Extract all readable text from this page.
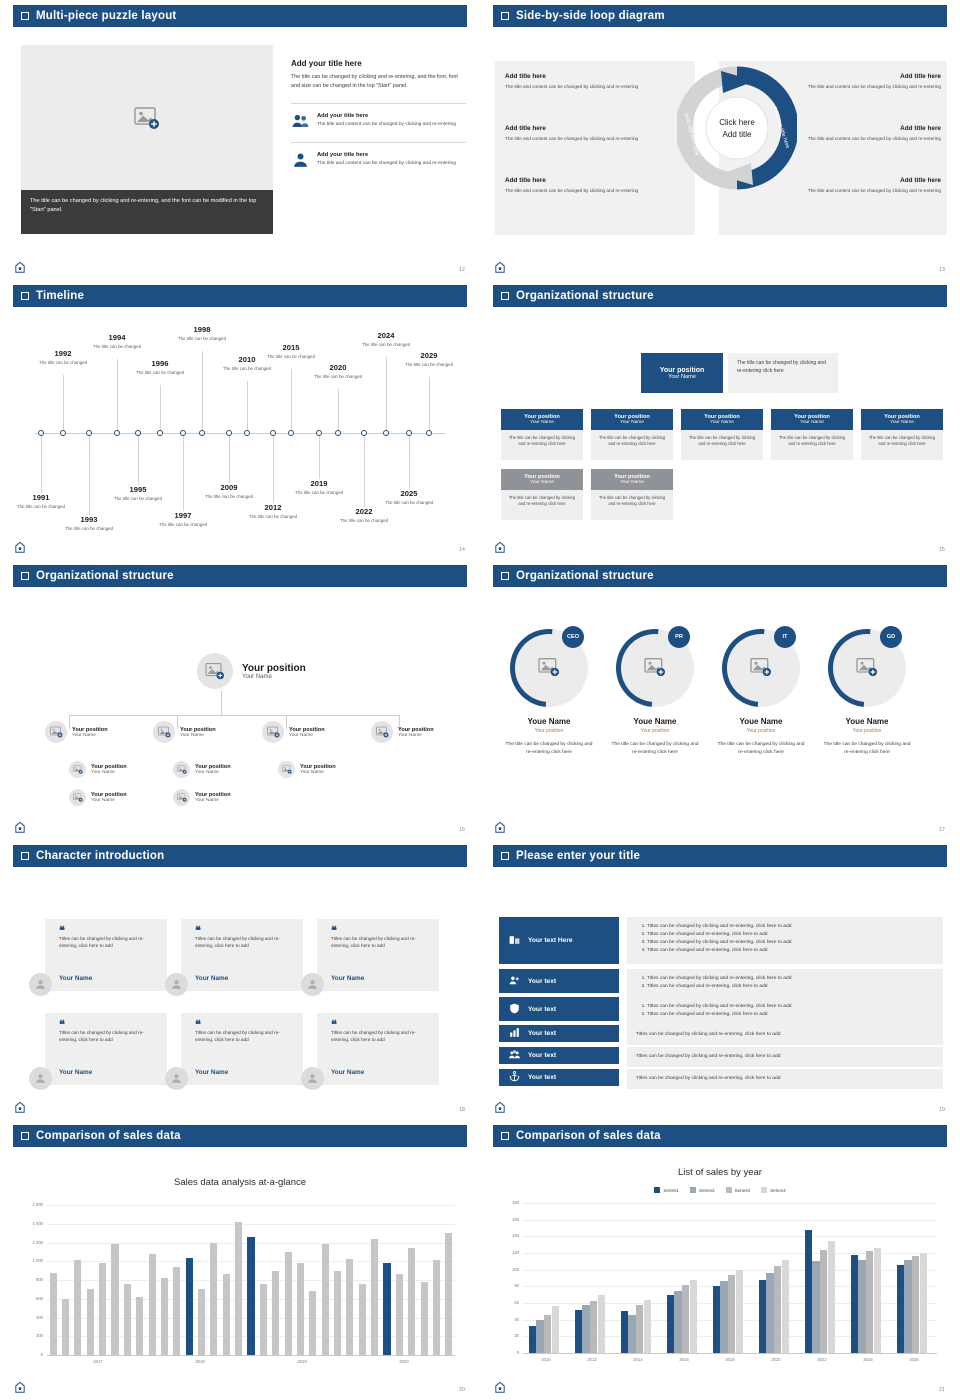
Multi-piece puzzle layout
The title can be changed by clicking and re-entering, and the font can be modified in the top "Start" panel.
Add your title here
The title can be changed by clicking and re-entering, and the font, font and size can be changed in the top "Start" panel.
Add your title here
The title and content can be changed by clicking and re-entering
Add your title here
The title and content can be changed by clicking and re-entering
12
Side-by-side loop diagram
Add title here
The title and content can be changed by clicking and re-entering
Add title here
The title and content can be changed by clicking and re-entering
Add title here
The title and content can be changed by clicking and re-entering
Add title here
The title and content can be changed by clicking and re-entering
Add title here
The title and content can be changed by clicking and re-entering
Add title here
The title and content can be changed by clicking and re-entering
Click here
Add title	Add your title here
Add your title here
13
Timeline
1992
The title can be changed
1994
The title can be changed
1996
The title can be changed
1998
The title can be changed
2010
The title can be changed
2015
The title can be changed
2020
The title can be changed
2024
The title can be changed
2029
The title can be changed
1991
The title can be changed
1993
The title can be changed
1995
The title can be changed
1997
The title can be changed
2009
The title can be changed
2012
The title can be changed
2019
The title can be changed
2022
The title can be changed
2025
The title can be changed
14
Organizational structure
Your position
Your Name
The title can be changed by clicking and re-entering click here
Your position
Your Name
The title can be changed by clicking and re-entering click here
Your position
Your Name
The title can be changed by clicking and re-entering click here
Your position
Your Name
The title can be changed by clicking and re-entering click here
Your position
Your Name
The title can be changed by clicking and re-entering click here
Your position
Your Name
The title can be changed by clicking and re-entering click here
Your position
Your Name
The title can be changed by clicking and re-entering click here
Your position
Your Name
The title can be changed by clicking and re-entering click here
15
Organizational structure
Your position
Your Name
Your position
Your Name
Your position
Your Name
Your position
Your Name
Your position
Your Name
Your position
Your Name
Your position
Your Name
Your position
Your Name
Your position
Your Name
Your position
Your Name
16
Organizational structure
CEO
Youe Name
Your position
The title can be changed by clicking and re-entering click here
PR
Youe Name
Your position
The title can be changed by clicking and re-entering click here
IT
Youe Name
Your position
The title can be changed by clicking and re-entering click here
GD
Youe Name
Your position
The title can be changed by clicking and re-entering click here
17
Character introduction
❝
Titles can be changed by clicking and re-entering, click here to add
Your Name
❝
Titles can be changed by clicking and re-entering, click here to add
Your Name
❝
Titles can be changed by clicking and re-entering, click here to add
Your Name
❝
Titles can be changed by clicking and re-entering, click here to add
Your Name
❝
Titles can be changed by clicking and re-entering, click here to add
Your Name
❝
Titles can be changed by clicking and re-entering, click here to add
Your Name
18
Please enter your title
Your text Here
1. Titles can be changed by clicking and re-entering, click here to add
2. Titles can be changed and re-entering, click here to add
3. Titles can be changed by clicking and re-entering, click here to add
4. Titles can be changed and re-entering, click here to add
Your text	1. Titles can be changed by clicking and re-entering, click here to add
2. Titles can be changed and re-entering, click here to add
Your text	1. Titles can be changed by clicking and re-entering, click here to add
2. Titles can be changed and re-entering, click here to add
Your text	Titles can be changed by clicking and re-entering, click here to add
Your text	Titles can be changed by clicking and re-entering, click here to add
Your text	Titles can be changed by clicking and re-entering, click here to add
19
Comparison of sales data
Sales data analysis at-a-glance
2 600
1 400
1 200
1 000
800
600
400
200
0
2017	2018	2019	2020
20
Comparison of sales data
List of sales by year
Series1	Series2	Series3	Series4
180
160
140
120
100
80
60
40
20
0
2010	2012	2014	2016	2018	2020	2022	2024	2026
21
